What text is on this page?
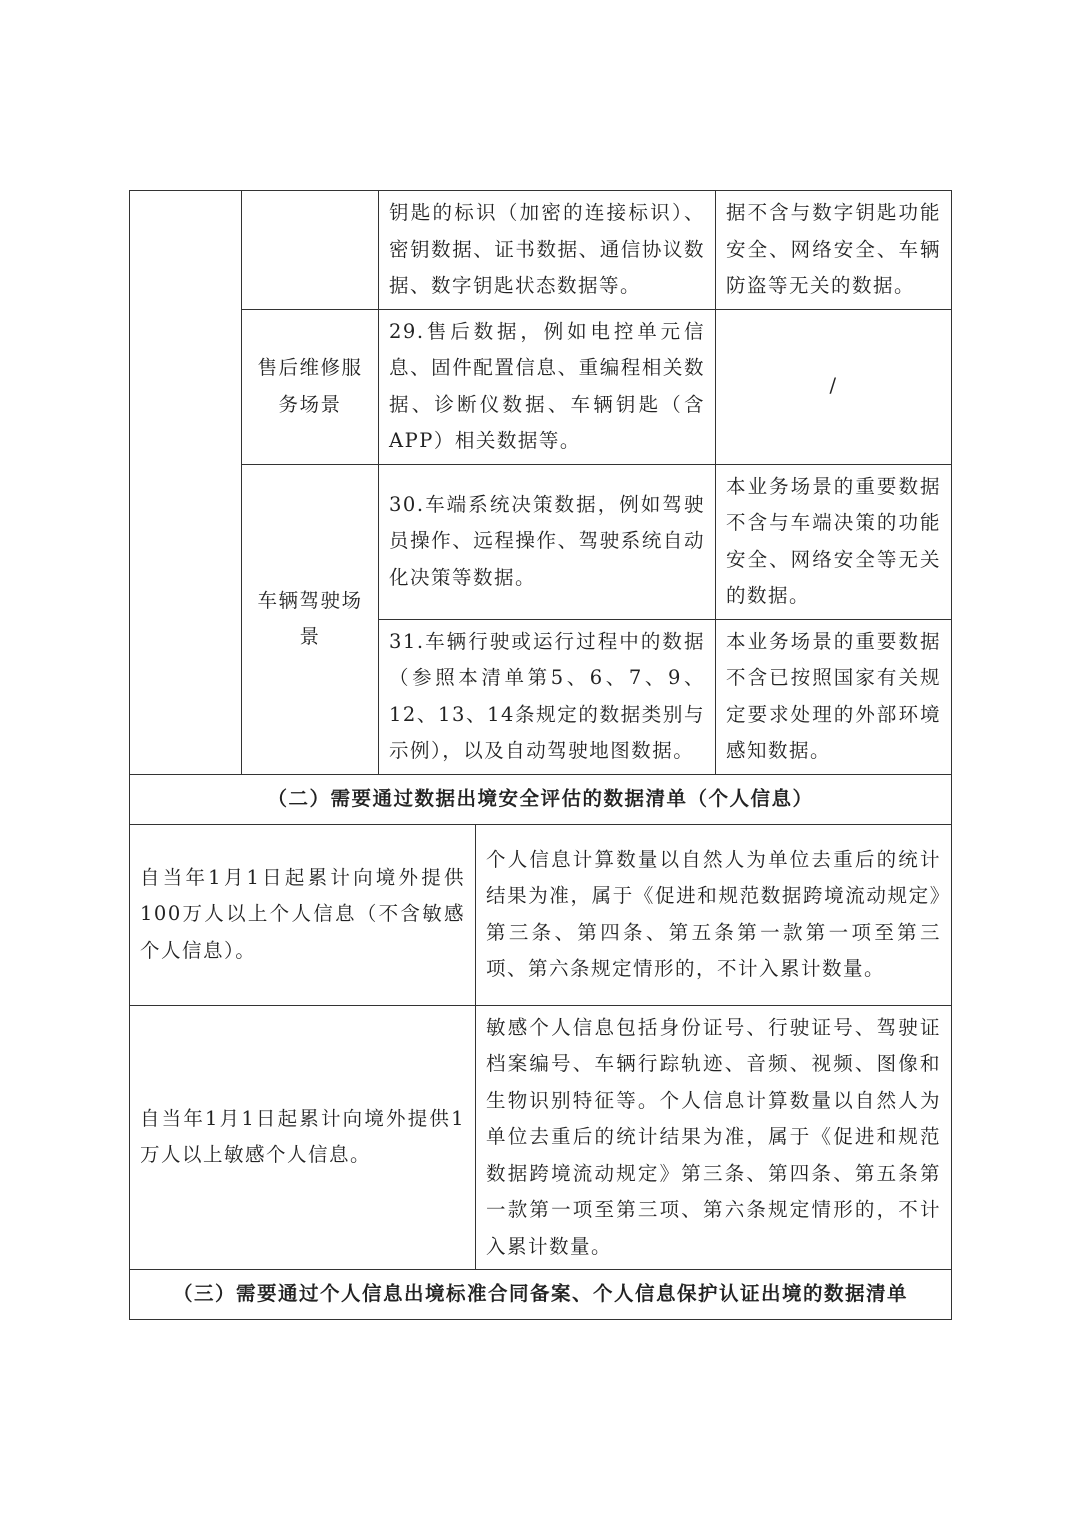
		钥匙的标识（加密的连接标识）、密钥数据、证书数据、通信协议数据、数字钥匙状态数据等。		据不含与数字钥匙功能安全、网络安全、车辆防盗等无关的数据。
	售后维修服务场景	29.售后数据，例如电控单元信息、固件配置信息、重编程相关数据、诊断仪数据、车辆钥匙（含APP）相关数据等。		/
	车辆驾驶场景	30.车端系统决策数据，例如驾驶员操作、远程操作、驾驶系统自动化决策等数据。		本业务场景的重要数据不含与车端决策的功能安全、网络安全等无关的数据。
		31.车辆行驶或运行过程中的数据（参照本清单第5、6、7、9、12、13、14条规定的数据类别与示例），以及自动驾驶地图数据。		本业务场景的重要数据不含已按照国家有关规定要求处理的外部环境感知数据。
（二）需要通过数据出境安全评估的数据清单（个人信息）				
自当年1月1日起累计向境外提供100万人以上个人信息（不含敏感个人信息）。			个人信息计算数量以自然人为单位去重后的统计结果为准，属于《促进和规范数据跨境流动规定》第三条、第四条、第五条第一款第一项至第三项、第六条规定情形的，不计入累计数量。	
自当年1月1日起累计向境外提供1万人以上敏感个人信息。			敏感个人信息包括身份证号、行驶证号、驾驶证档案编号、车辆行踪轨迹、音频、视频、图像和生物识别特征等。个人信息计算数量以自然人为单位去重后的统计结果为准，属于《促进和规范数据跨境流动规定》第三条、第四条、第五条第一款第一项至第三项、第六条规定情形的，不计入累计数量。	
（三）需要通过个人信息出境标准合同备案、个人信息保护认证出境的数据清单				
